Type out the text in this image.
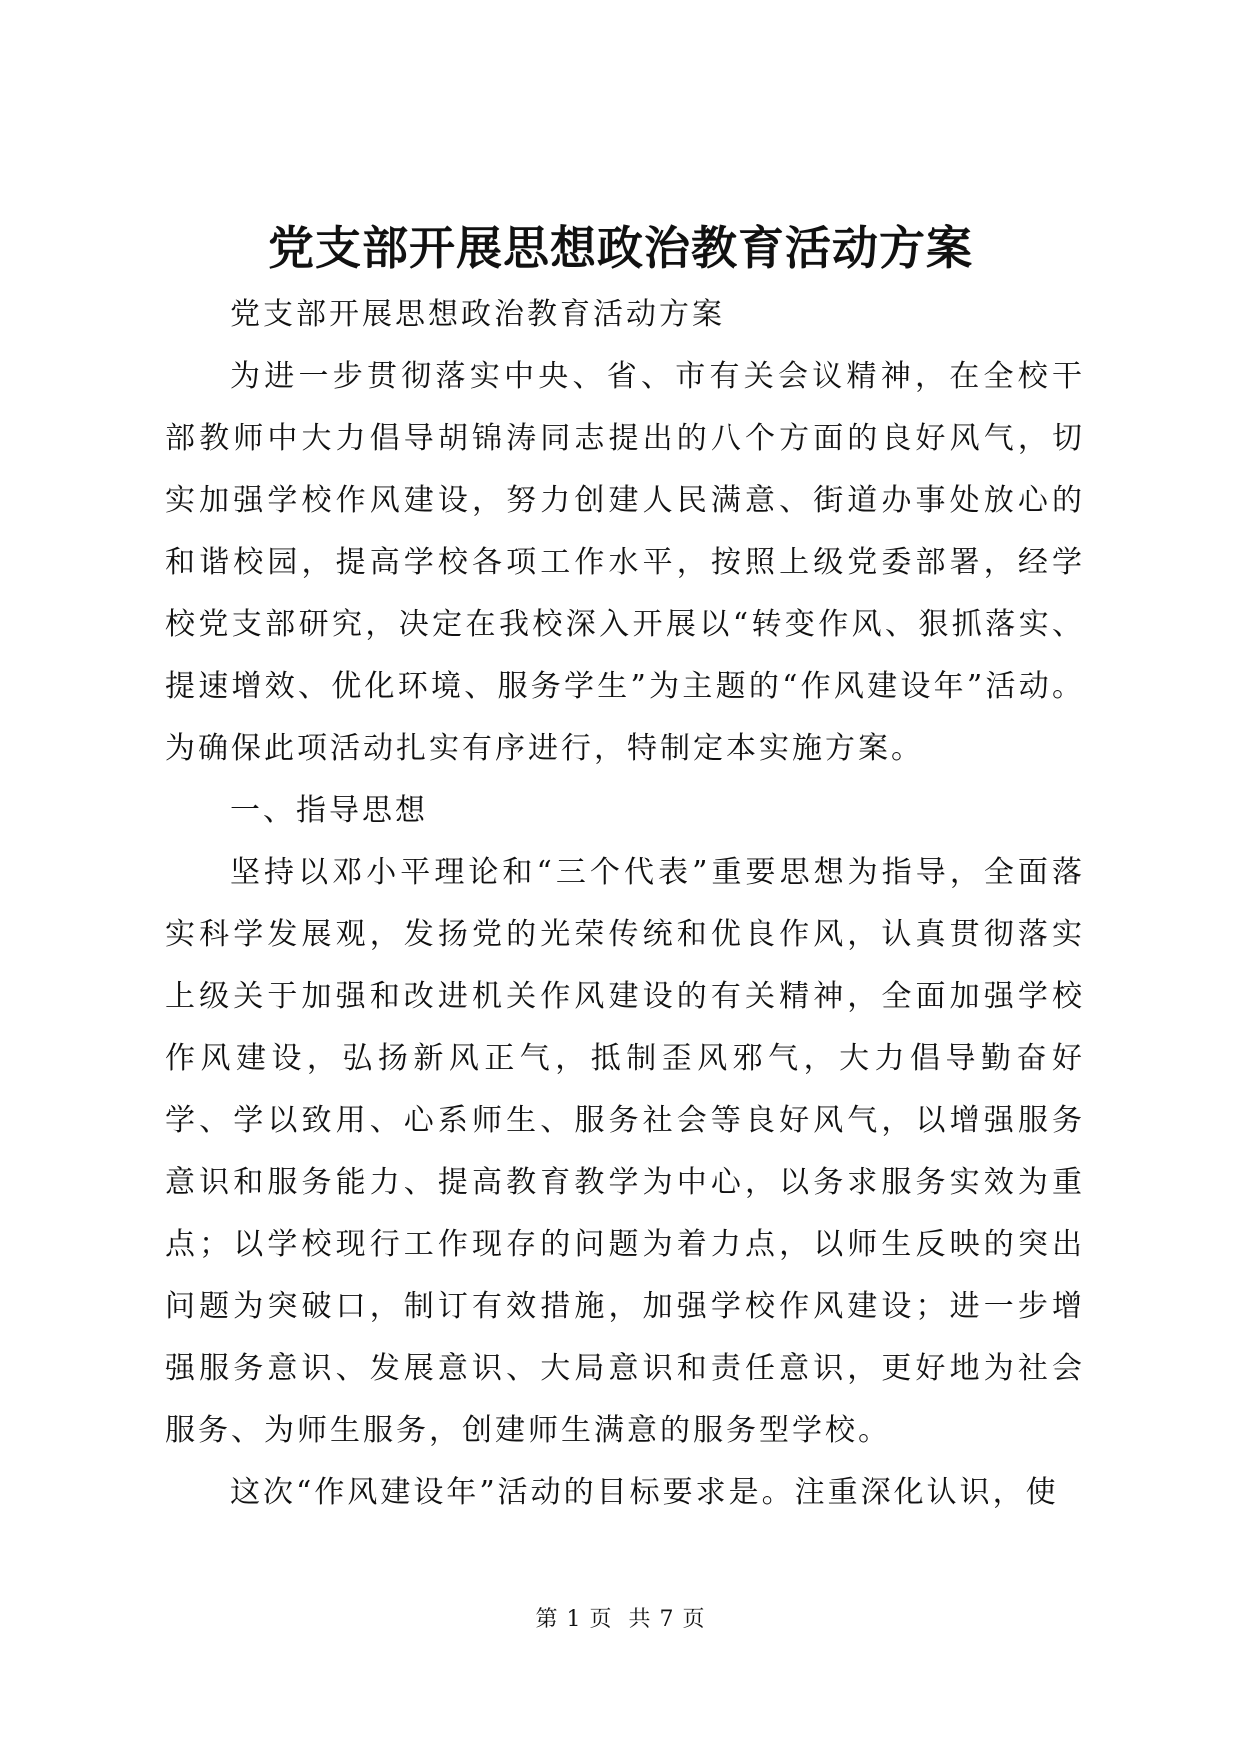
党支部开展思想政治教育活动方案

党支部开展思想政治教育活动方案

为进一步贯彻落实中央、省、市有关会议精神，在全校干部教师中大力倡导胡锦涛同志提出的八个方面的良好风气，切实加强学校作风建设，努力创建人民满意、街道办事处放心的和谐校园，提高学校各项工作水平，按照上级党委部署，经学校党支部研究，决定在我校深入开展以“转变作风、狠抓落实、提速增效、优化环境、服务学生”为主题的“作风建设年”活动。为确保此项活动扎实有序进行，特制定本实施方案。

一、指导思想

坚持以邓小平理论和“三个代表”重要思想为指导，全面落实科学发展观，发扬党的光荣传统和优良作风，认真贯彻落实上级关于加强和改进机关作风建设的有关精神，全面加强学校作风建设，弘扬新风正气，抵制歪风邪气，大力倡导勤奋好学、学以致用、心系师生、服务社会等良好风气，以增强服务意识和服务能力、提高教育教学为中心，以务求服务实效为重点；以学校现行工作现存的问题为着力点，以师生反映的突出问题为突破口，制订有效措施，加强学校作风建设；进一步增强服务意识、发展意识、大局意识和责任意识，更好地为社会服务、为师生服务，创建师生满意的服务型学校。

这次“作风建设年”活动的目标要求是。注重深化认识，使

第 1 页  共 7 页
